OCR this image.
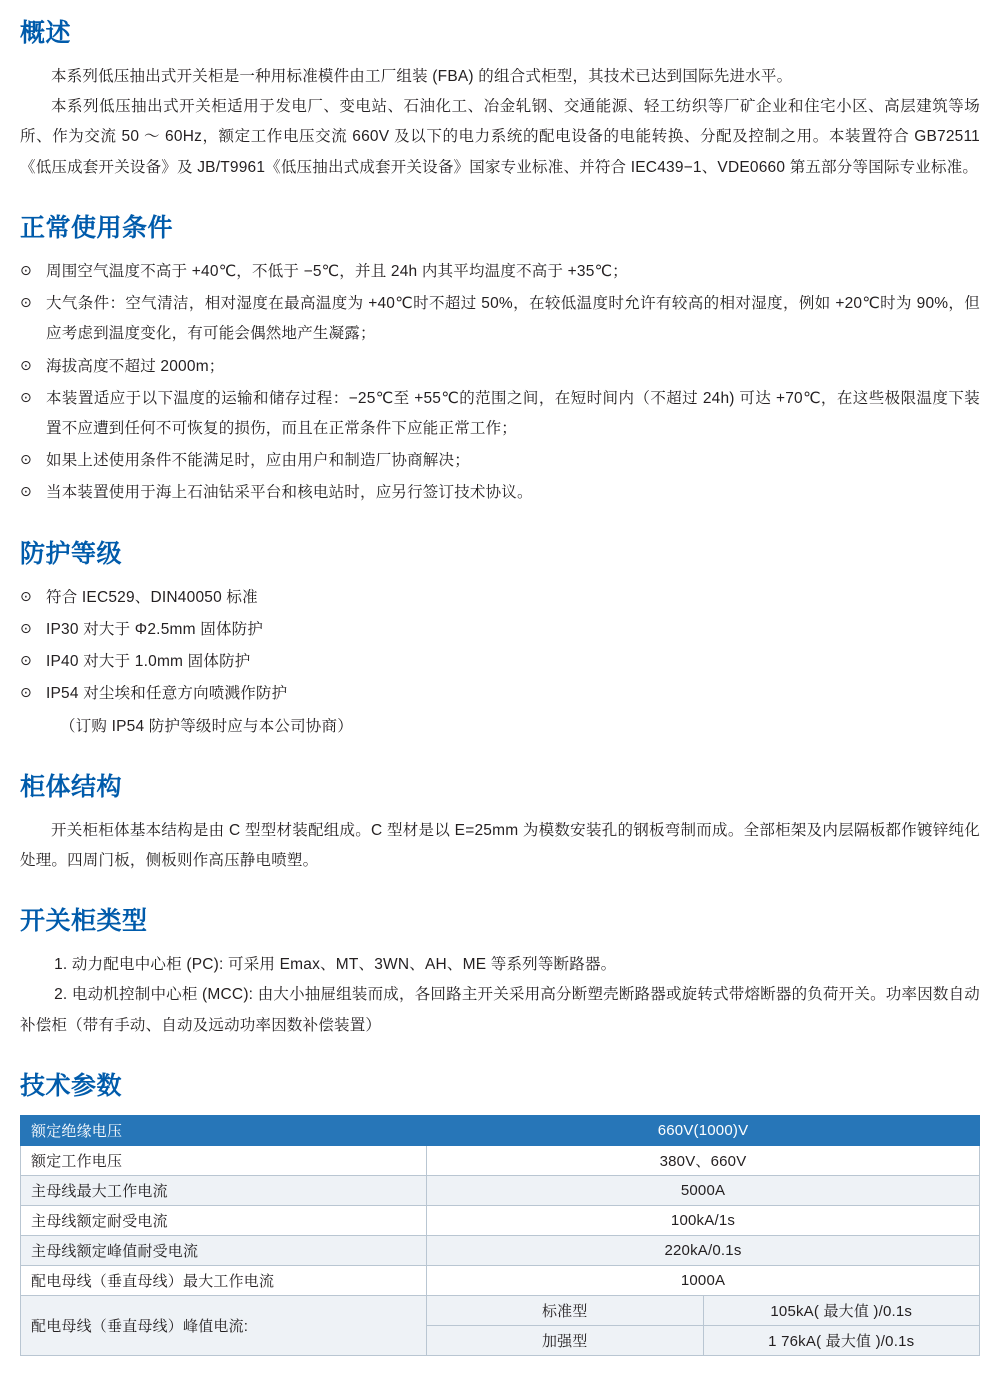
概述

本系列低压抽出式开关柜是一种用标准模件由工厂组装 (FBA) 的组合式柜型，其技术已达到国际先进水平。

本系列低压抽出式开关柜适用于发电厂、变电站、石油化工、冶金轧钢、交通能源、轻工纺织等厂矿企业和住宅小区、高层建筑等场所、作为交流 50 ～ 60Hz，额定工作电压交流 660V 及以下的电力系统的配电设备的电能转换、分配及控制之用。本装置符合 GB72511《低压成套开关设备》及 JB/T9961《低压抽出式成套开关设备》国家专业标准、并符合 IEC439−1、VDE0660 第五部分等国际专业标准。

正常使用条件
⊙ 周围空气温度不高于 +40℃，不低于 −5℃，并且 24h 内其平均温度不高于 +35℃；
⊙ 大气条件：空气清洁，相对湿度在最高温度为 +40℃时不超过 50%，在较低温度时允许有较高的相对湿度，例如 +20℃时为 90%，但应考虑到温度变化，有可能会偶然地产生凝露；
⊙ 海拔高度不超过 2000m；
⊙ 本装置适应于以下温度的运输和储存过程：−25℃至 +55℃的范围之间，在短时间内（不超过 24h) 可达 +70℃，在这些极限温度下装置不应遭到任何不可恢复的损伤，而且在正常条件下应能正常工作；
⊙ 如果上述使用条件不能满足时，应由用户和制造厂协商解决；
⊙ 当本装置使用于海上石油钻采平台和核电站时，应另行签订技术协议。
防护等级
⊙ 符合 IEC529、DIN40050 标准
⊙ IP30 对大于 Φ2.5mm 固体防护
⊙ IP40 对大于 1.0mm 固体防护
⊙ IP54 对尘埃和任意方向喷溅作防护
（订购 IP54 防护等级时应与本公司协商）
柜体结构

开关柜柜体基本结构是由 C 型型材装配组成。C 型材是以 E=25mm 为模数安装孔的钢板弯制而成。全部柜架及内层隔板都作镀锌纯化处理。四周门板，侧板则作高压静电喷塑。

开关柜类型
1. 动力配电中心柜 (PC): 可采用 Emax、MT、3WN、AH、ME 等系列等断路器。
2. 电动机控制中心柜 (MCC): 由大小抽屉组装而成，各回路主开关采用高分断塑壳断路器或旋转式带熔断器的负荷开关。功率因数自动补偿柜（带有手动、自动及远动功率因数补偿装置）
技术参数
额定绝缘电压	660V(1000)V	
额定工作电压	380V、660V	
主母线最大工作电流	5000A	
主母线额定耐受电流	100kA/1s	
主母线额定峰值耐受电流	220kA/0.1s	
配电母线（垂直母线）最大工作电流	1000A	
配电母线（垂直母线）峰值电流:	标准型	105kA( 最大值 )/0.1s
	加强型	1 76kA( 最大值 )/0.1s
